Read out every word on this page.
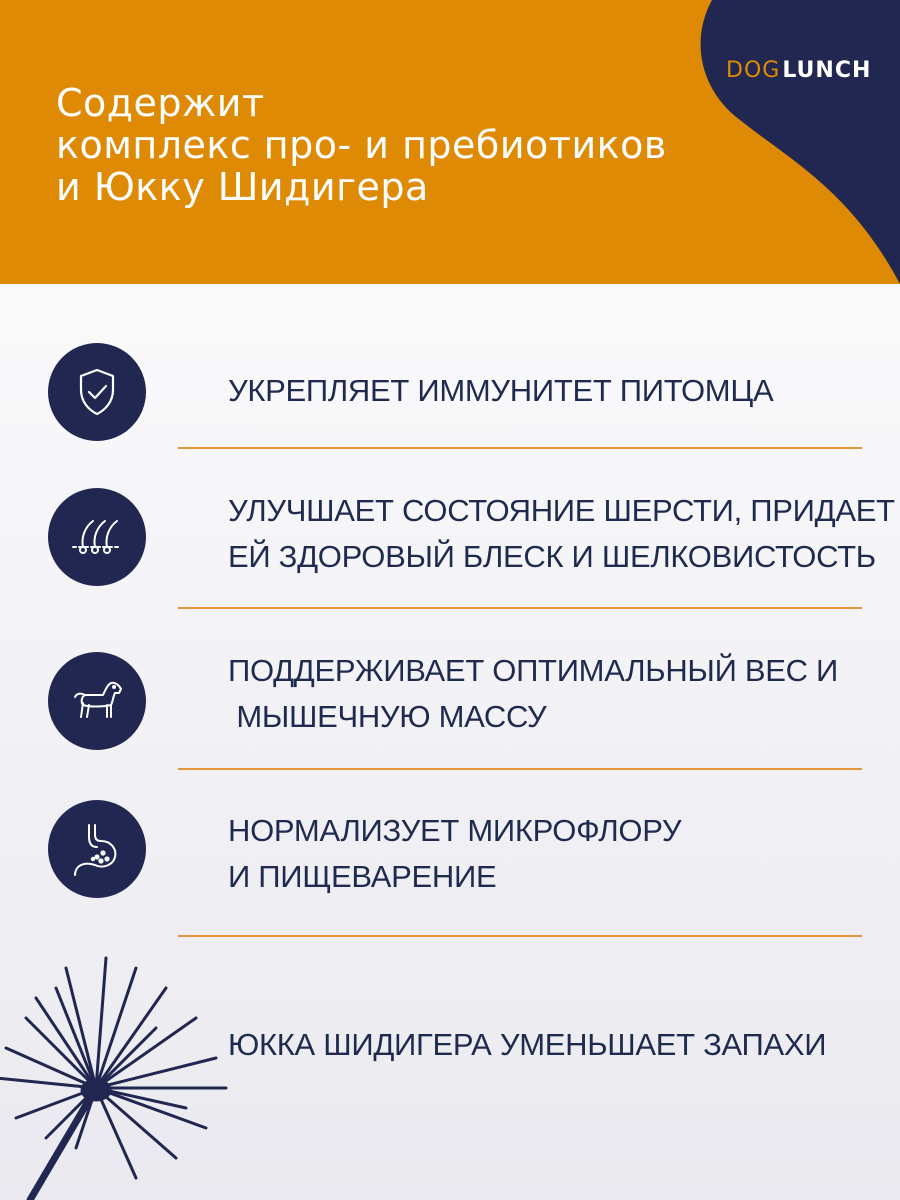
Содержит
комплекс про- и пребиотиков
и Юкку Шидигера
DOGLUNCH
УКРЕПЛЯЕТ ИММУНИТЕТ ПИТОМЦА
УЛУЧШАЕТ СОСТОЯНИЕ ШЕРСТИ, ПРИДАЕТ
ЕЙ ЗДОРОВЫЙ БЛЕСК И ШЕЛКОВИСТОСТЬ
ПОДДЕРЖИВАЕТ ОПТИМАЛЬНЫЙ ВЕС И
МЫШЕЧНУЮ МАССУ
НОРМАЛИЗУЕТ МИКРОФЛОРУ
И ПИЩЕВАРЕНИЕ
ЮККА ШИДИГЕРА УМЕНЬШАЕТ ЗАПАХИ
